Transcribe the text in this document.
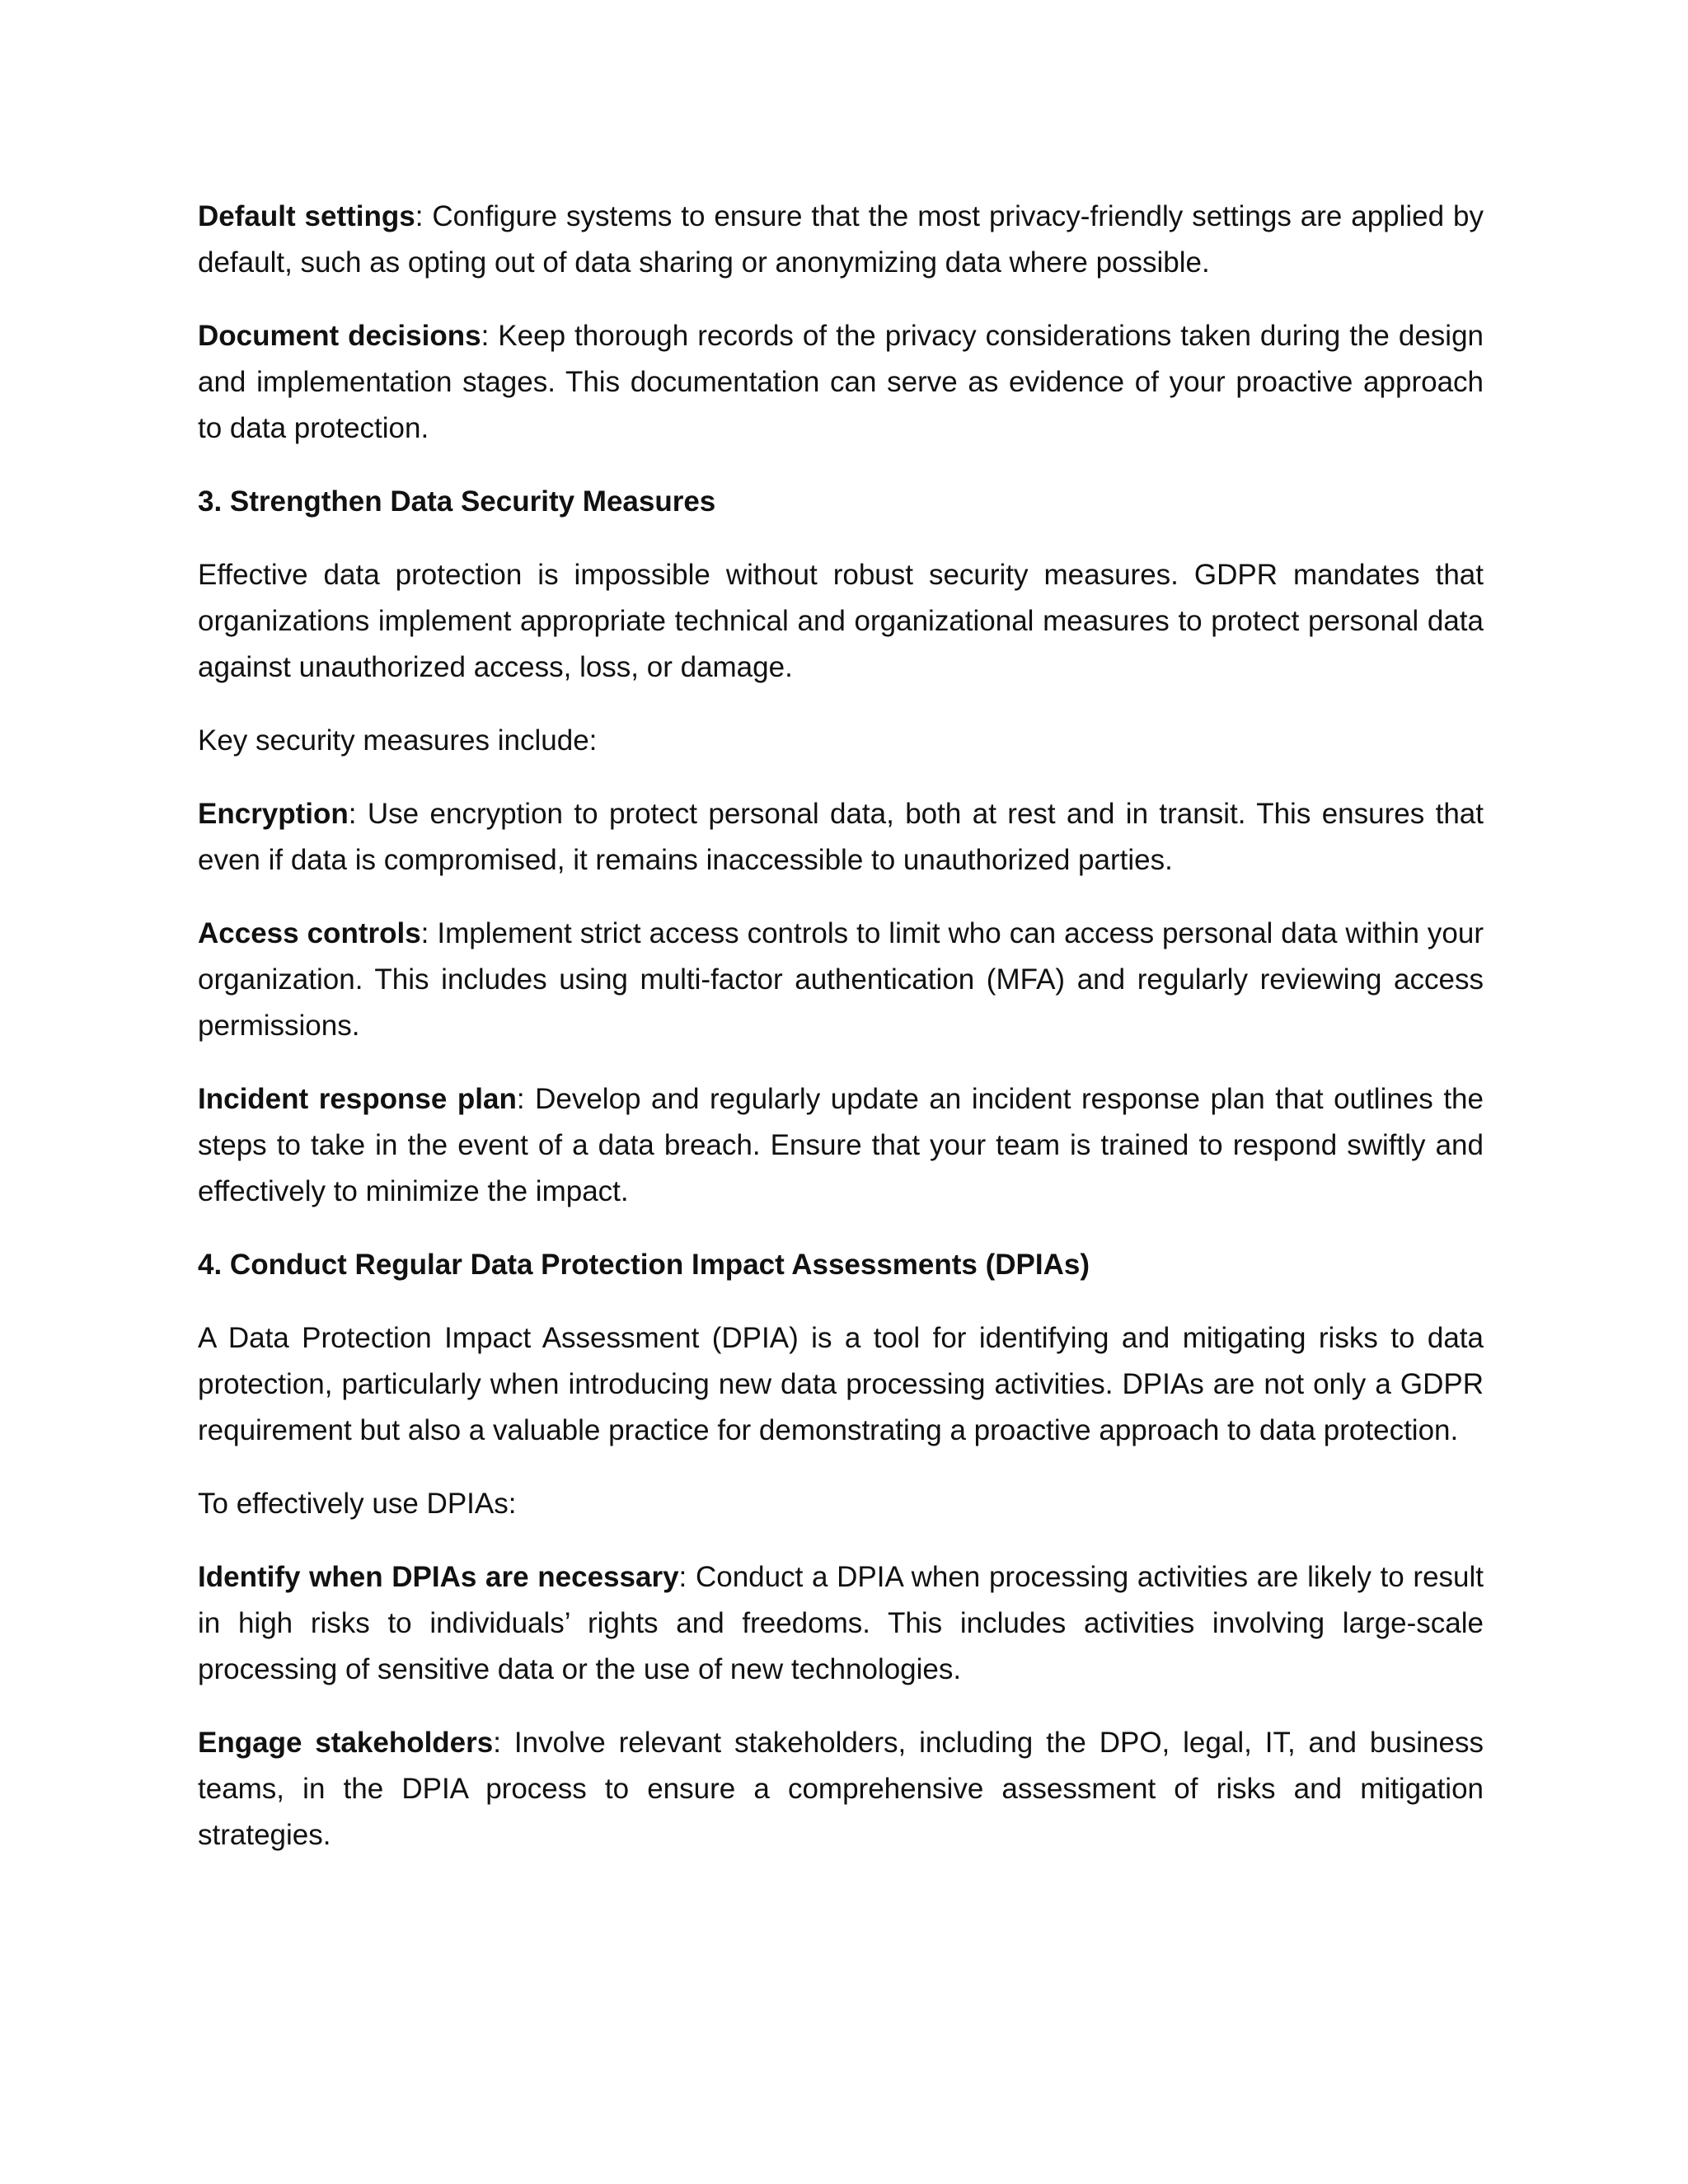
Default settings: Configure systems to ensure that the most privacy-friendly settings are applied by default, such as opting out of data sharing or anonymizing data where possible.

Document decisions: Keep thorough records of the privacy considerations taken during the design and implementation stages. This documentation can serve as evidence of your proactive approach to data protection.

3. Strengthen Data Security Measures

Effective data protection is impossible without robust security measures. GDPR mandates that organizations implement appropriate technical and organizational measures to protect personal data against unauthorized access, loss, or damage.

Key security measures include:

Encryption: Use encryption to protect personal data, both at rest and in transit. This ensures that even if data is compromised, it remains inaccessible to unauthorized parties.

Access controls: Implement strict access controls to limit who can access personal data within your organization. This includes using multi-factor authentication (MFA) and regularly reviewing access permissions.

Incident response plan: Develop and regularly update an incident response plan that outlines the steps to take in the event of a data breach. Ensure that your team is trained to respond swiftly and effectively to minimize the impact.

4. Conduct Regular Data Protection Impact Assessments (DPIAs)

A Data Protection Impact Assessment (DPIA) is a tool for identifying and mitigating risks to data protection, particularly when introducing new data processing activities. DPIAs are not only a GDPR requirement but also a valuable practice for demonstrating a proactive approach to data protection.

To effectively use DPIAs:

Identify when DPIAs are necessary: Conduct a DPIA when processing activities are likely to result in high risks to individuals’ rights and freedoms. This includes activities involving large-scale processing of sensitive data or the use of new technologies.

Engage stakeholders: Involve relevant stakeholders, including the DPO, legal, IT, and business teams, in the DPIA process to ensure a comprehensive assessment of risks and mitigation strategies.
